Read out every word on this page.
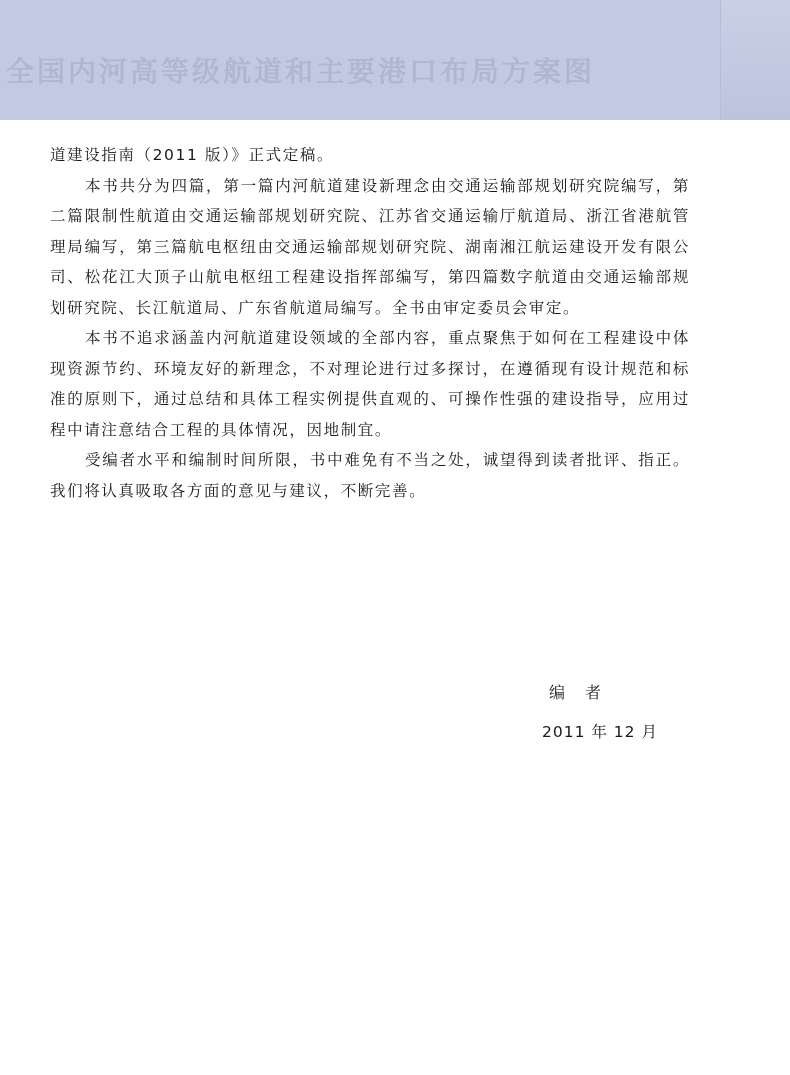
全国内河高等级航道和主要港口布局方案图

道建设指南（2011 版）》正式定稿。

本书共分为四篇，第一篇内河航道建设新理念由交通运输部规划研究院编写，第二篇限制性航道由交通运输部规划研究院、江苏省交通运输厅航道局、浙江省港航管理局编写，第三篇航电枢纽由交通运输部规划研究院、湖南湘江航运建设开发有限公司、松花江大顶子山航电枢纽工程建设指挥部编写，第四篇数字航道由交通运输部规划研究院、长江航道局、广东省航道局编写。全书由审定委员会审定。

本书不追求涵盖内河航道建设领域的全部内容，重点聚焦于如何在工程建设中体现资源节约、环境友好的新理念，不对理论进行过多探讨，在遵循现有设计规范和标准的原则下，通过总结和具体工程实例提供直观的、可操作性强的建设指导，应用过程中请注意结合工程的具体情况，因地制宜。

受编者水平和编制时间所限，书中难免有不当之处，诚望得到读者批评、指正。我们将认真吸取各方面的意见与建议，不断完善。

编　者
2011 年 12 月
